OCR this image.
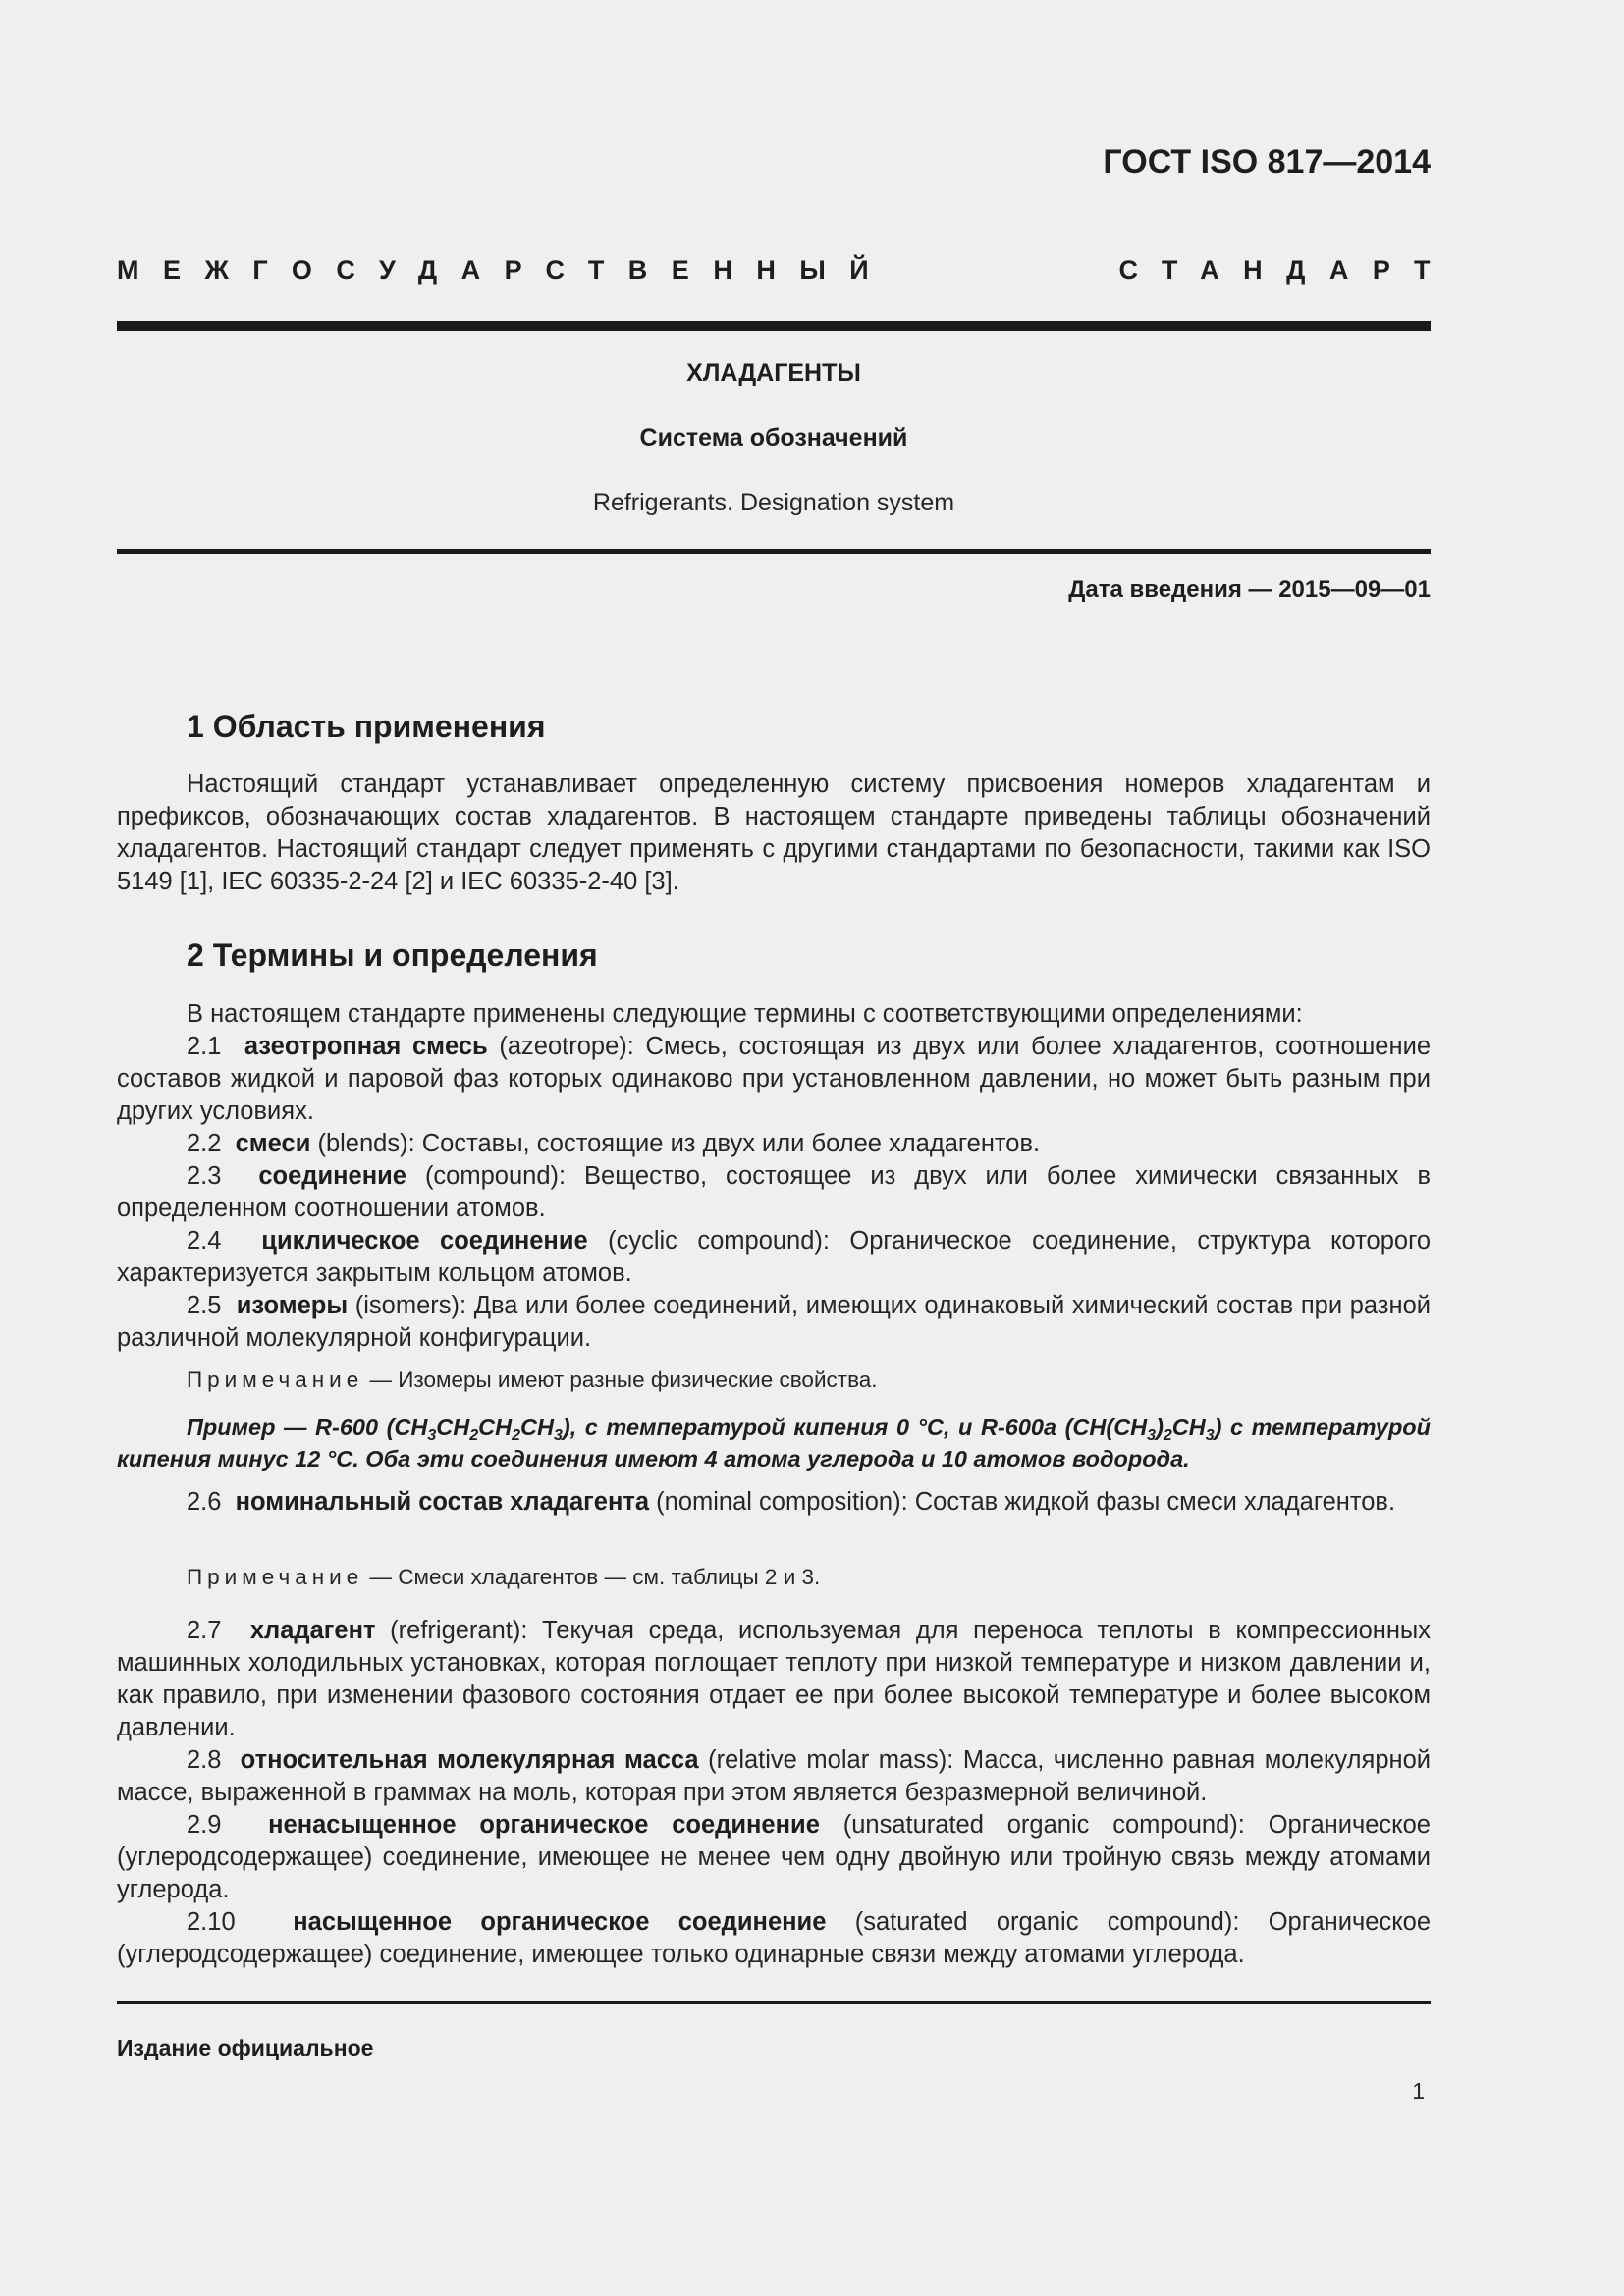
ГОСТ ISO 817—2014
МЕЖГОСУДАРСТВЕННЫЙ	СТАНДАРТ
ХЛАДАГЕНТЫ
Система обозначений
Refrigerants. Designation system
Дата введения — 2015—09—01
1 Область применения

Настоящий стандарт устанавливает определенную систему присвоения номеров хладагентам и префиксов, обозначающих состав хладагентов. В настоящем стандарте приведены таблицы обозначений хладагентов. Настоящий стандарт следует применять с другими стандартами по безопасности, такими как ISO 5149 [1], IEC 60335-2-24 [2] и IEC 60335-2-40 [3].

2 Термины и определения

В настоящем стандарте применены следующие термины с соответствующими определениями:

2.1 азеотропная смесь (azeotrope): Смесь, состоящая из двух или более хладагентов, соотношение составов жидкой и паровой фаз которых одинаково при установленном давлении, но может быть разным при других условиях.

2.2 смеси (blends): Составы, состоящие из двух или более хладагентов.

2.3 соединение (compound): Вещество, состоящее из двух или более химически связанных в определенном соотношении атомов.

2.4 циклическое соединение (cyclic compound): Органическое соединение, структура которого характеризуется закрытым кольцом атомов.

2.5 изомеры (isomers): Два или более соединений, имеющих одинаковый химический состав при разной различной молекулярной конфигурации.

Примечание — Изомеры имеют разные физические свойства.

Пример — R-600 $(CH_3CH_2CH_2CH_3)$, с температурой кипения 0 °С, и R-600a $(CH(CH_3)_2CH_3)$ с температурой кипения минус 12 °С. Оба эти соединения имеют 4 атома углерода и 10 атомов водорода.

2.6 номинальный состав хладагента (nominal composition): Состав жидкой фазы смеси хладагентов.

Примечание — Смеси хладагентов — см. таблицы 2 и 3.

2.7 хладагент (refrigerant): Текучая среда, используемая для переноса теплоты в компрессионных машинных холодильных установках, которая поглощает теплоту при низкой температуре и низком давлении и, как правило, при изменении фазового состояния отдает ее при более высокой температуре и более высоком давлении.

2.8 относительная молекулярная масса (relative molar mass): Масса, численно равная молекулярной массе, выраженной в граммах на моль, которая при этом является безразмерной величиной.

2.9 ненасыщенное органическое соединение (unsaturated organic compound): Органическое (углеродсодержащее) соединение, имеющее не менее чем одну двойную или тройную связь между атомами углерода.

2.10 насыщенное органическое соединение (saturated organic compound): Органическое (углеродсодержащее) соединение, имеющее только одинарные связи между атомами углерода.

Издание официальное
1
